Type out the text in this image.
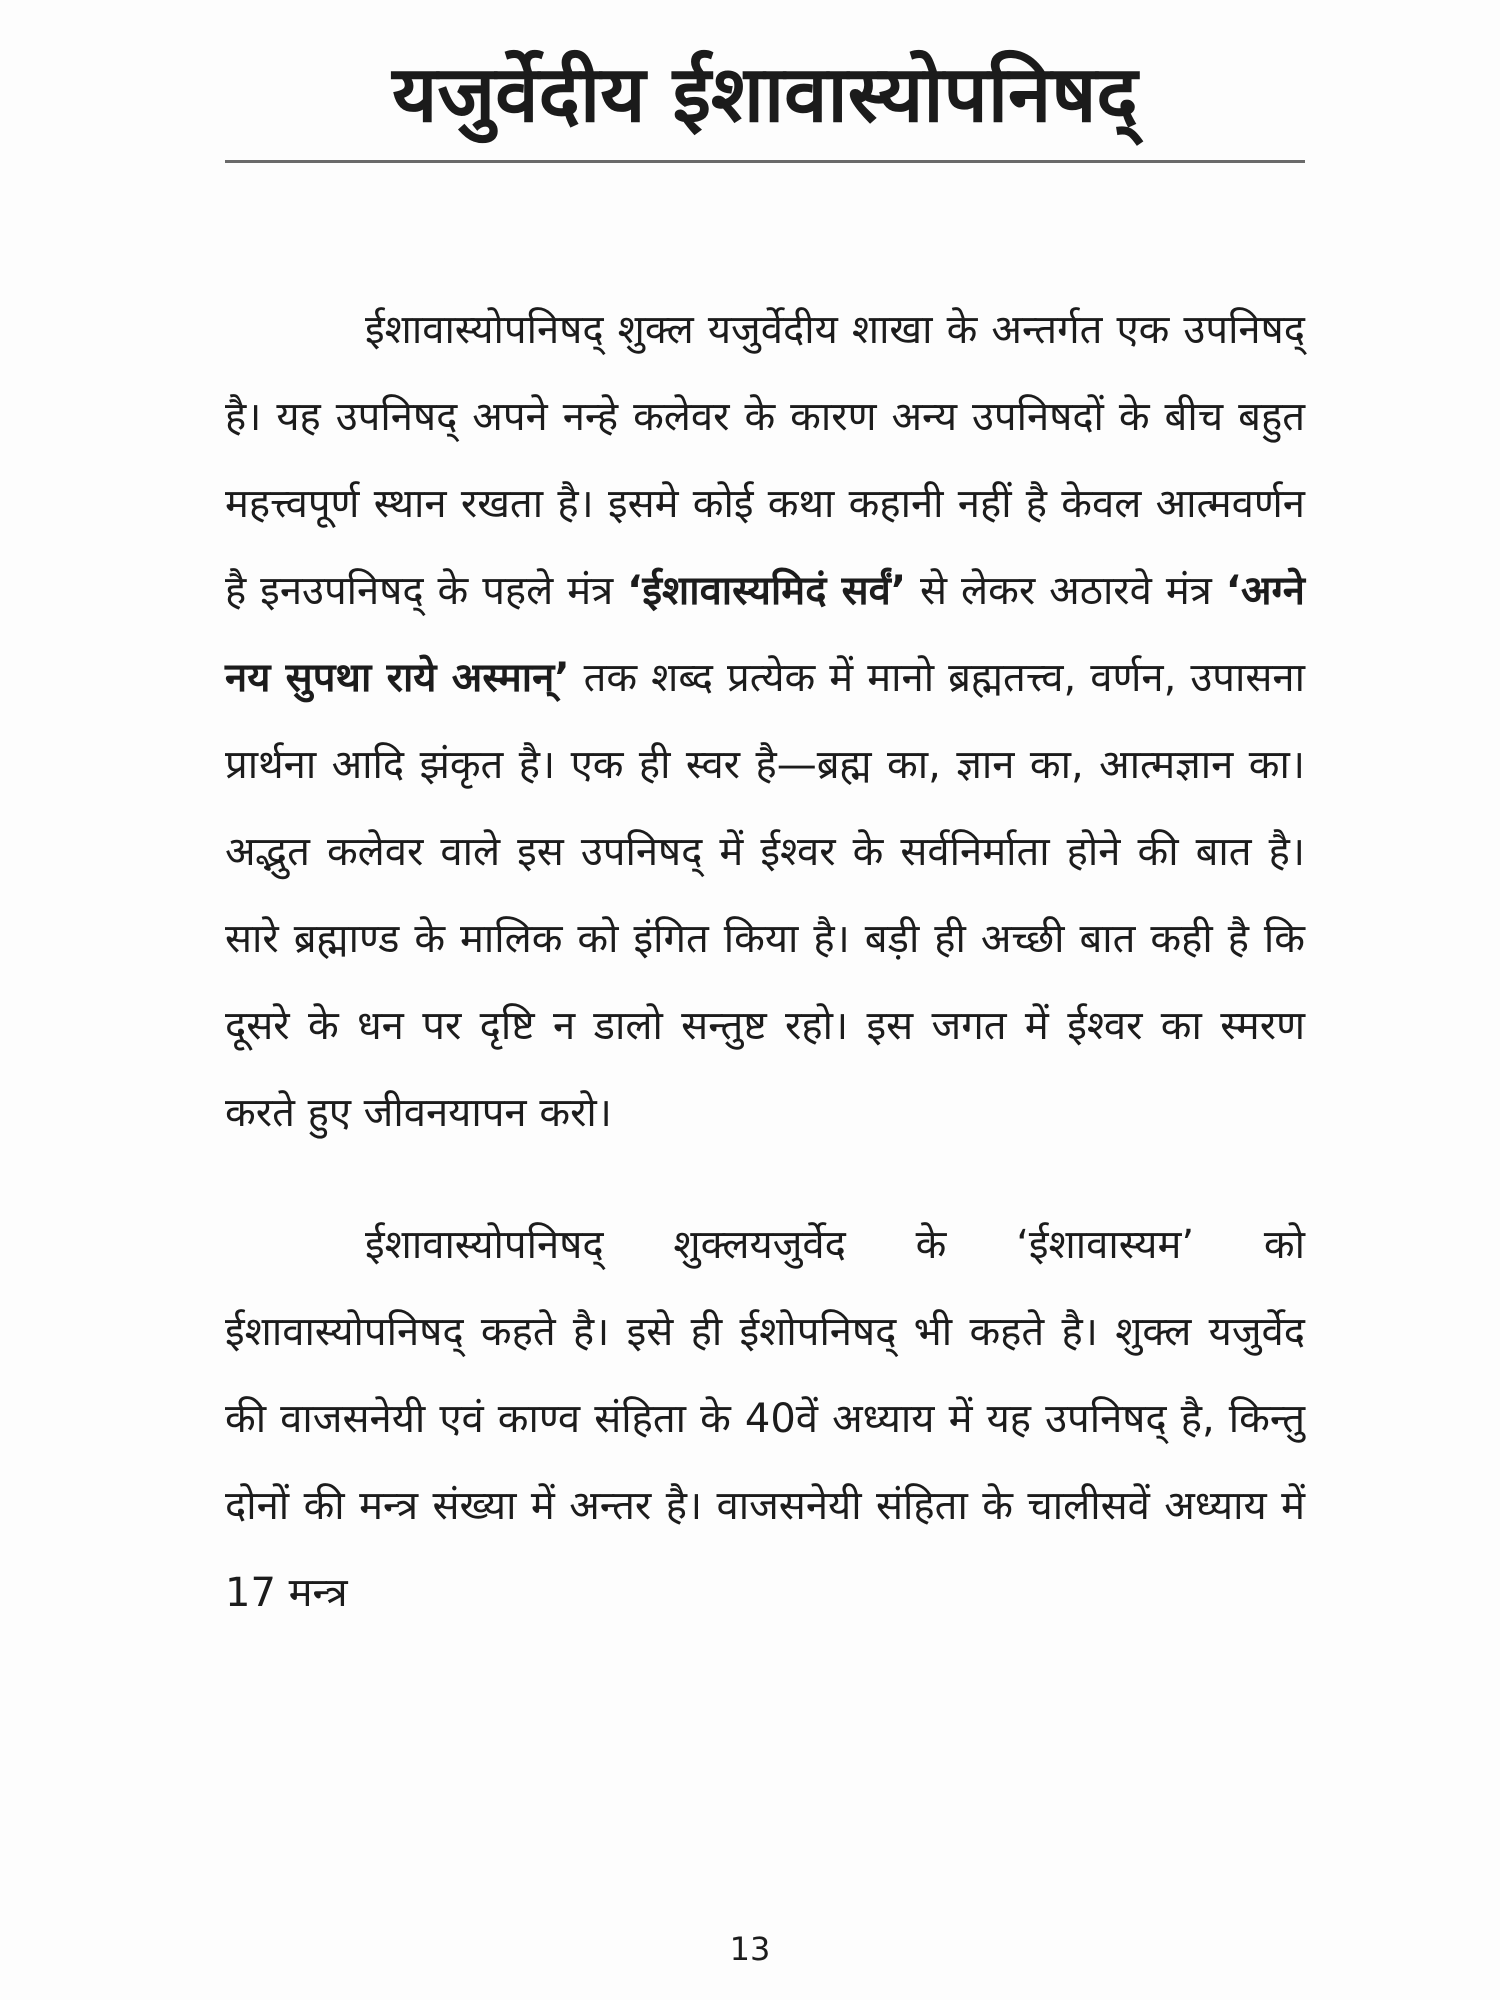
यजुर्वेदीय ईशावास्योपनिषद्

ईशावास्योपनिषद् शुक्ल यजुर्वेदीय शाखा के अन्तर्गत एक उपनिषद् है। यह उपनिषद् अपने नन्हे कलेवर के कारण अन्य उपनिषदों के बीच बहुत महत्त्वपूर्ण स्थान रखता है। इसमे कोई कथा कहानी नहीं है केवल आत्मवर्णन है इनउपनिषद् के पहले मंत्र ‘ईशावास्यमिदं सर्वं’ से लेकर अठारवे मंत्र ‘अग्ने नय सुपथा राये अस्मान्’ तक शब्द प्रत्येक में मानो ब्रह्मतत्त्व, वर्णन, उपासना प्रार्थना आदि झंकृत है। एक ही स्वर है—ब्रह्म का, ज्ञान का, आत्मज्ञान का। अद्भुत कलेवर वाले इस उपनिषद् में ईश्वर के सर्वनिर्माता होने की बात है। सारे ब्रह्माण्ड के मालिक को इंगित किया है। बड़ी ही अच्छी बात कही है कि दूसरे के धन पर दृष्टि न डालो सन्तुष्ट रहो। इस जगत में ईश्वर का स्मरण करते हुए जीवनयापन करो।

ईशावास्योपनिषद् शुक्लयजुर्वेद के ‘ईशावास्यम’ को ईशावास्योपनिषद् कहते है। इसे ही ईशोपनिषद् भी कहते है। शुक्ल यजुर्वेद की वाजसनेयी एवं काण्व संहिता के 40वें अध्याय में यह उपनिषद् है, किन्तु दोनों की मन्त्र संख्या में अन्तर है। वाजसनेयी संहिता के चालीसवें अध्याय में 17 मन्त्र

13
